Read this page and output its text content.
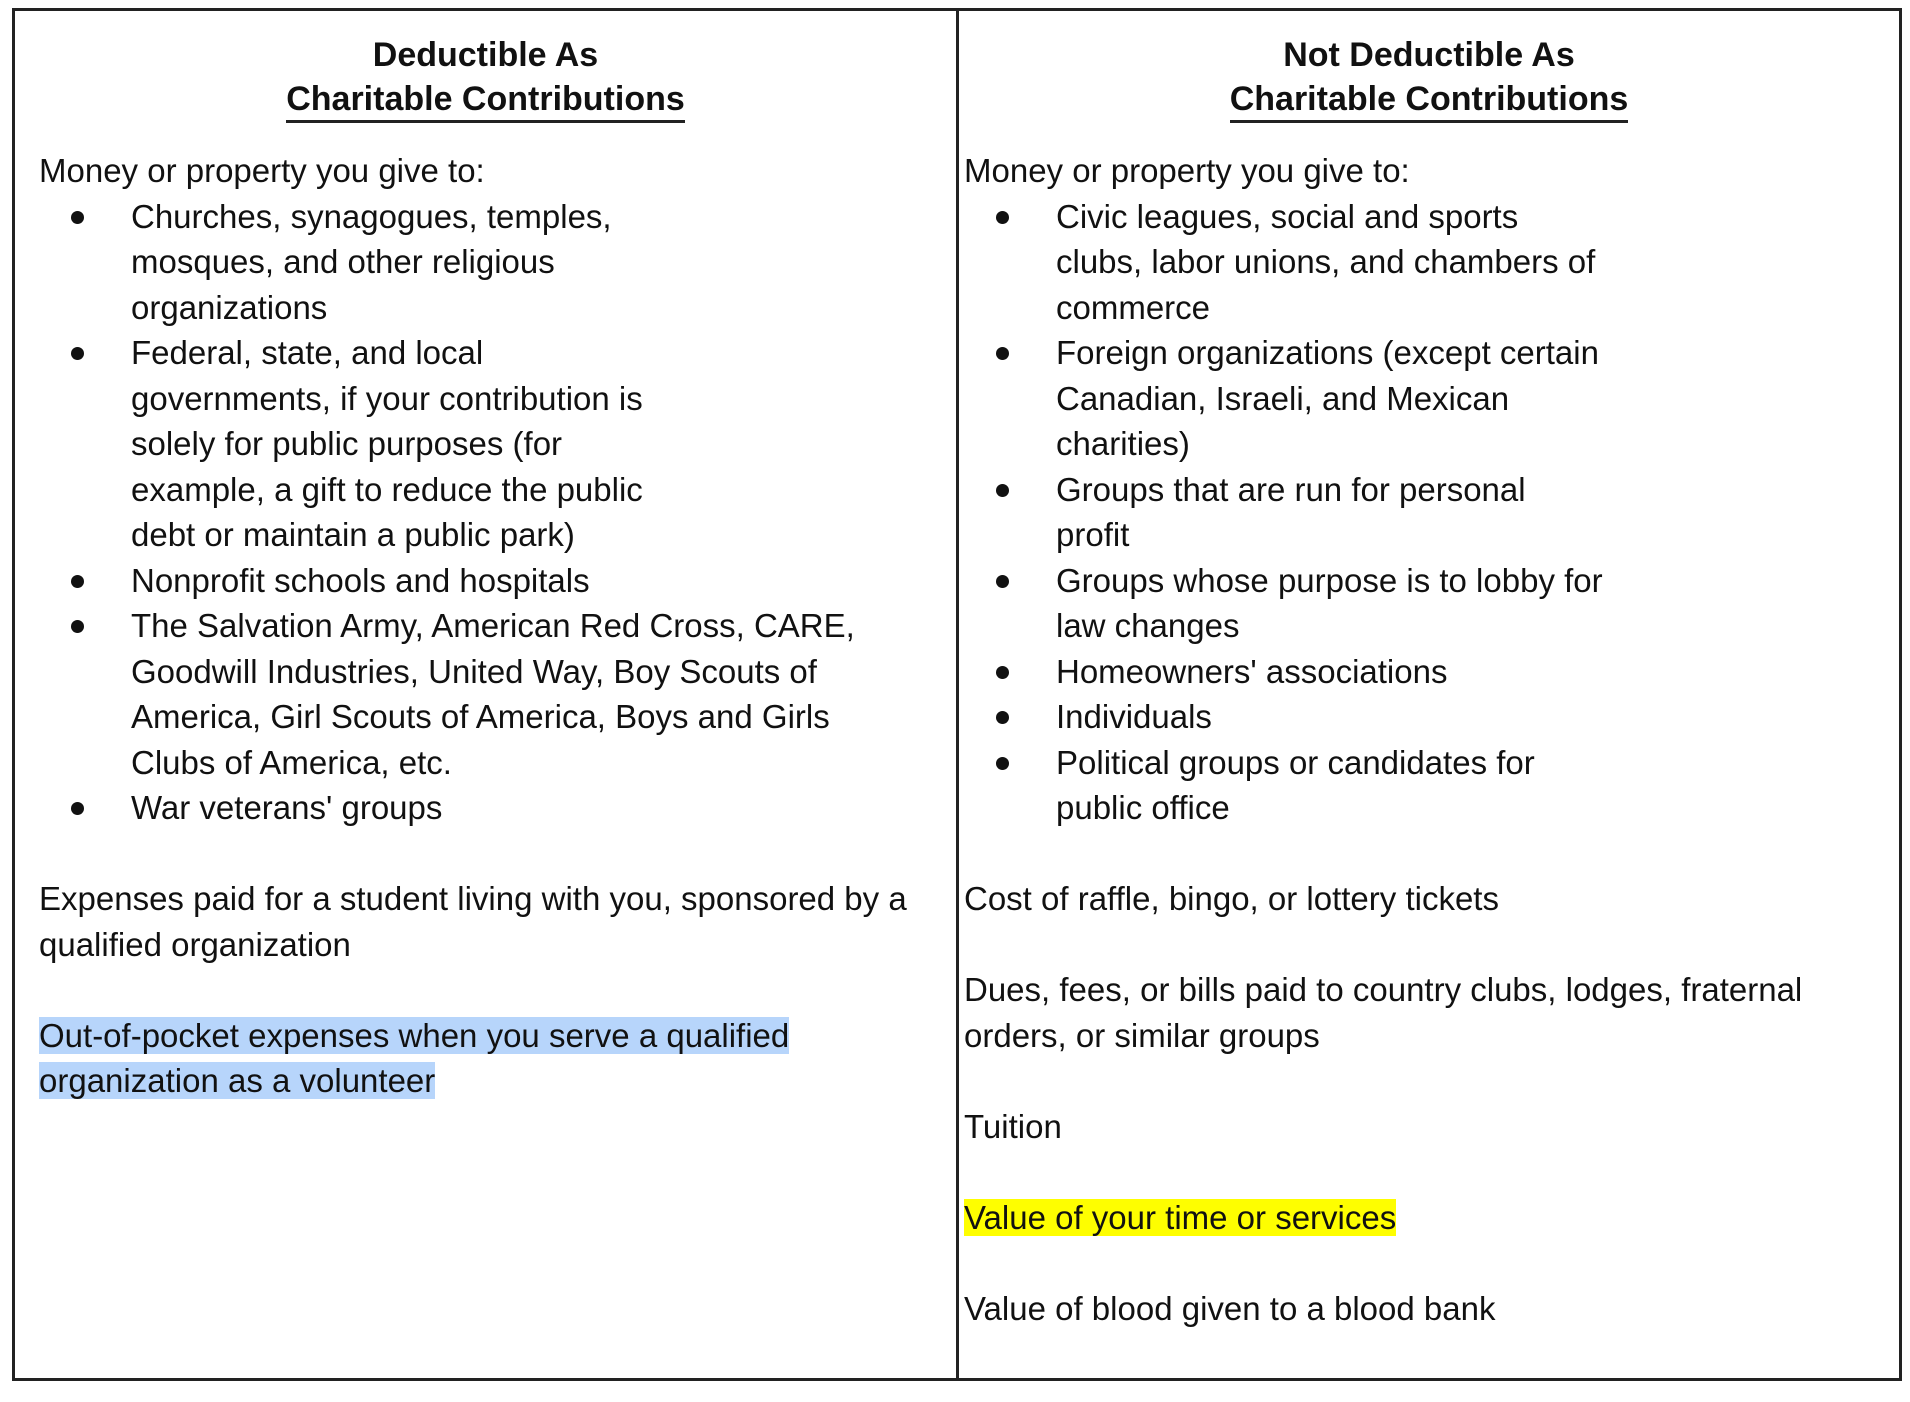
Deductible As
Charitable Contributions

Money or property you give to:

Churches, synagogues, temples,
mosques, and other religious
organizations
Federal, state, and local
governments, if your contribution is
solely for public purposes (for
example, a gift to reduce the public
debt or maintain a public park)
Nonprofit schools and hospitals
The Salvation Army, American Red Cross, CARE,
Goodwill Industries, United Way, Boy Scouts of
America, Girl Scouts of America, Boys and Girls
Clubs of America, etc.
War veterans' groups
Expenses paid for a student living with you, sponsored by a
qualified organization
Out-of-pocket expenses when you serve a qualified
organization as a volunteer
Not Deductible As
Charitable Contributions

Money or property you give to:

Civic leagues, social and sports
clubs, labor unions, and chambers of
commerce
Foreign organizations (except certain
Canadian, Israeli, and Mexican
charities)
Groups that are run for personal
profit
Groups whose purpose is to lobby for
law changes
Homeowners' associations
Individuals
Political groups or candidates for
public office
Cost of raffle, bingo, or lottery tickets
Dues, fees, or bills paid to country clubs, lodges, fraternal
orders, or similar groups
Tuition
Value of your time or services
Value of blood given to a blood bank
